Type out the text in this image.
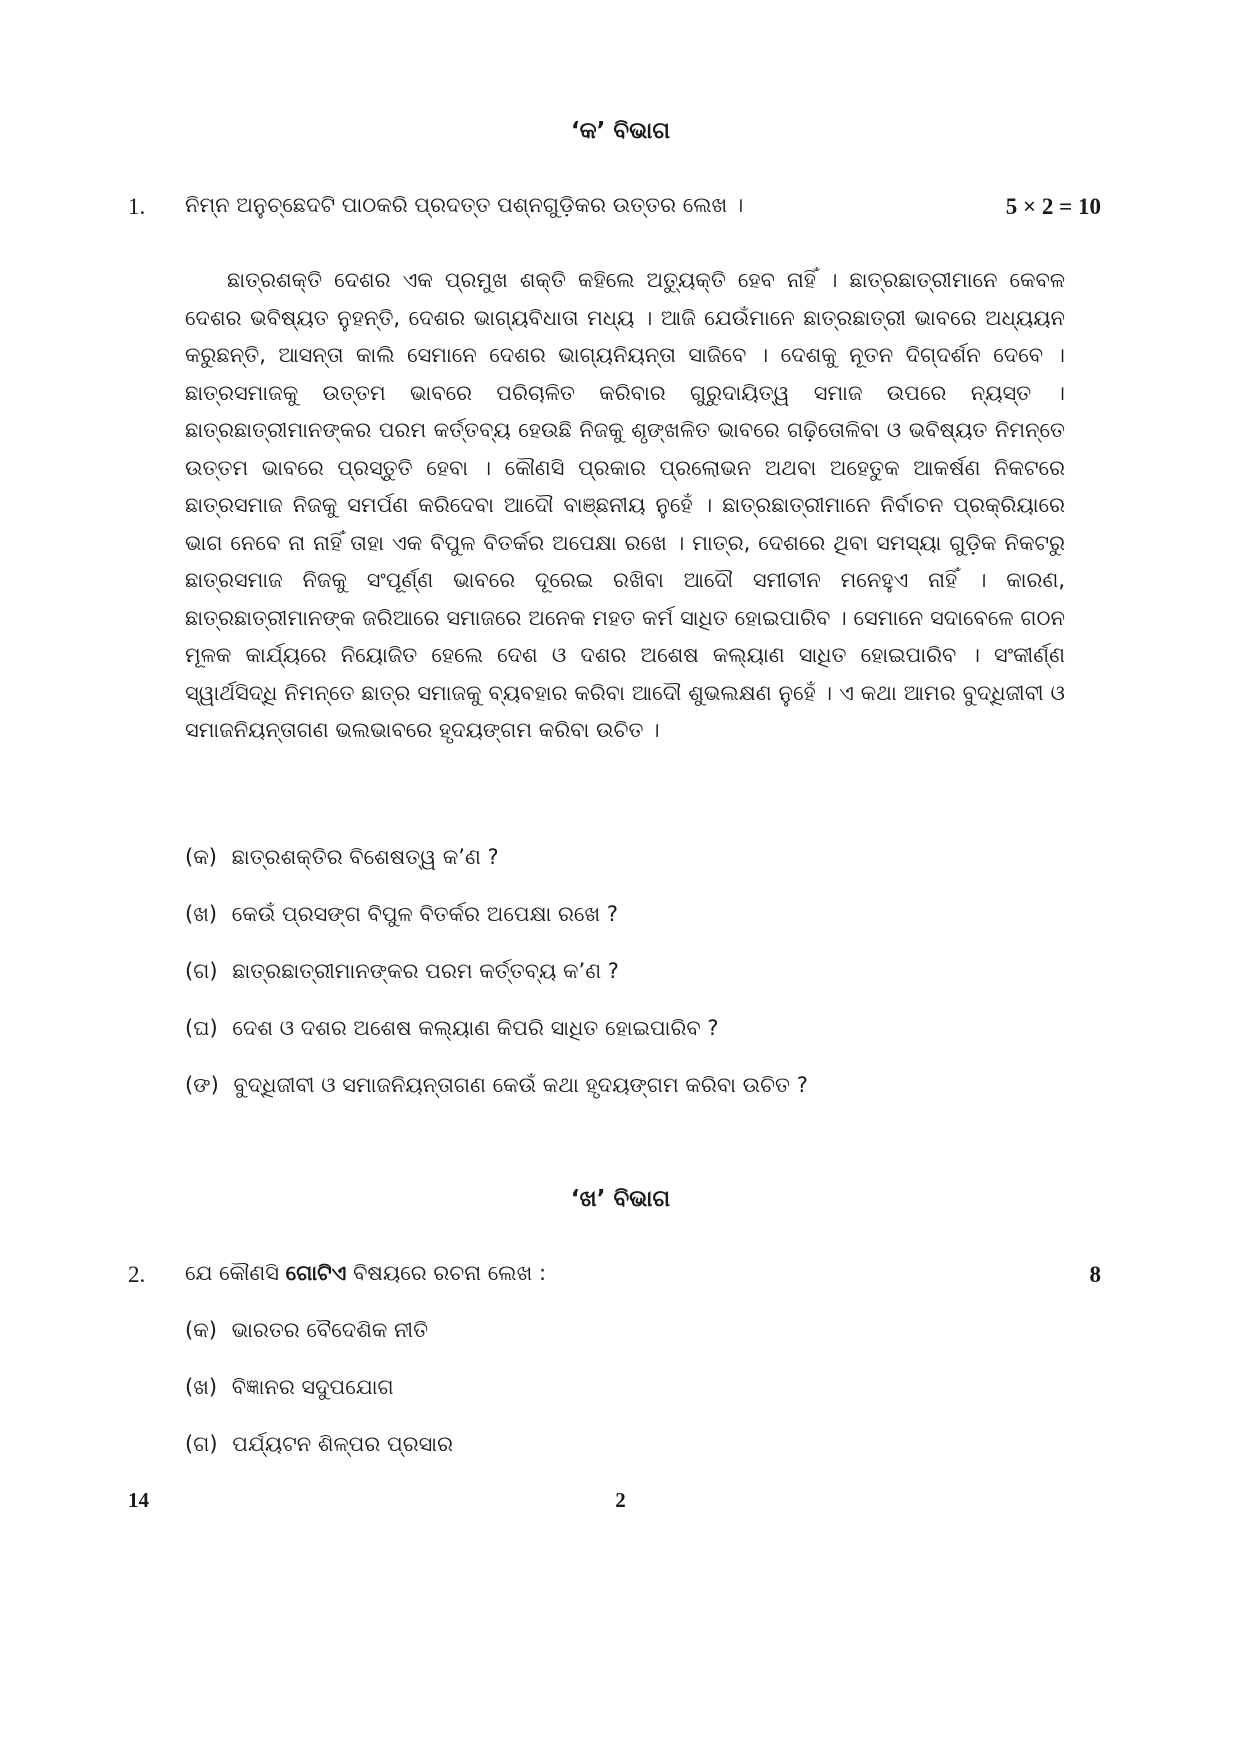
‘କ’ ବିଭାଗ
1. ନିମ୍ନ ଅନୁଚ୍ଛେଦଟି ପାଠକରି ପ୍ରଦତ୍ତ ପଶ୍ନଗୁଡ଼ିକର ଉତ୍ତର ଲେଖ ।	5 × 2 = 10

ଛାତ୍ରଶକ୍ତି ଦେଶର ଏକ ପ୍ରମୁଖ ଶକ୍ତି କହିଲେ ଅତ୍ୟୁକ୍ତି ହେବ ନାହିଁ । ଛାତ୍ରଛାତ୍ରୀମାନେ କେବଳ ଦେଶର ଭବିଷ୍ୟତ ନୁହନ୍ତି, ଦେଶର ଭାଗ୍ୟବିଧାତା ମଧ୍ୟ । ଆଜି ଯେଉଁମାନେ ଛାତ୍ରଛାତ୍ରୀ ଭାବରେ ଅଧ୍ୟୟନ କରୁଛନ୍ତି, ଆସନ୍ତା କାଲି ସେମାନେ ଦେଶର ଭାଗ୍ୟନିୟନ୍ତା ସାଜିବେ । ଦେଶକୁ ନୂତନ ଦିଗ୍‌ଦର୍ଶନ ଦେବେ । ଛାତ୍ରସମାଜକୁ ଉତ୍ତମ ଭାବରେ ପରିଚାଳିତ କରିବାର ଗୁରୁଦାୟିତ୍ୱ ସମାଜ ଉପରେ ନ୍ୟସ୍ତ । ଛାତ୍ରଛାତ୍ରୀମାନଙ୍କର ପରମ କର୍ତ୍ତବ୍ୟ ହେଉଛି ନିଜକୁ ଶୃଙ୍ଖଳିତ ଭାବରେ ଗଢ଼ିତୋଳିବା ଓ ଭବିଷ୍ୟତ ନିମନ୍ତେ ଉତ୍ତମ ଭାବରେ ପ୍ରସ୍ତୁତି ହେବା । କୌଣସି ପ୍ରକାର ପ୍ରଲୋଭନ ଅଥବା ଅହେତୁକ ଆକର୍ଷଣ ନିକଟରେ ଛାତ୍ରସମାଜ ନିଜକୁ ସମର୍ପଣ କରିଦେବା ଆଦୌ ବାଞ୍ଛନୀୟ ନୁହେଁ । ଛାତ୍ରଛାତ୍ରୀମାନେ ନିର୍ବାଚନ ପ୍ରକ୍ରିୟାରେ ଭାଗ ନେବେ ନା ନାହିଁ ତାହା ଏକ ବିପୁଳ ବିତର୍କର ଅପେକ୍ଷା ରଖେ । ମାତ୍ର, ଦେଶରେ ଥିବା ସମସ୍ୟା ଗୁଡ଼ିକ ନିକଟରୁ ଛାତ୍ରସମାଜ ନିଜକୁ ସଂପୂର୍ଣ୍ଣ ଭାବରେ ଦୂରେଇ ରଖିବା ଆଦୌ ସମୀଚୀନ ମନେହୁଏ ନାହିଁ । କାରଣ, ଛାତ୍ରଛାତ୍ରୀମାନଙ୍କ ଜରିଆରେ ସମାଜରେ ଅନେକ ମହତ କର୍ମ ସାଧିତ ହୋଇପାରିବ । ସେମାନେ ସଦାବେଳେ ଗଠନ ମୂଳକ କାର୍ଯ୍ୟରେ ନିୟୋଜିତ ହେଲେ ଦେଶ ଓ ଦଶର ଅଶେଷ କଲ୍ୟାଣ ସାଧିତ ହୋଇପାରିବ । ସଂକୀର୍ଣ୍ଣ ସ୍ୱାର୍ଥସିଦ୍ଧି ନିମନ୍ତେ ଛାତ୍ର ସମାଜକୁ ବ୍ୟବହାର କରିବା ଆଦୌ ଶୁଭଲକ୍ଷଣ ନୁହେଁ । ଏ କଥା ଆମର ବୁଦ୍ଧିଜୀବୀ ଓ ସମାଜନିୟନ୍ତାଗଣ ଭଲଭାବରେ ହୃଦୟଙ୍ଗମ କରିବା ଉଚିତ ।

(କ) ଛାତ୍ରଶକ୍ତିର ବିଶେଷତ୍ୱ କ’ଣ ?
(ଖ) କେଉଁ ପ୍ରସଙ୍ଗ ବିପୁଳ ବିତର୍କର ଅପେକ୍ଷା ରଖେ ?
(ଗ) ଛାତ୍ରଛାତ୍ରୀମାନଙ୍କର ପରମ କର୍ତ୍ତବ୍ୟ କ’ଣ ?
(ଘ) ଦେଶ ଓ ଦଶର ଅଶେଷ କଲ୍ୟାଣ କିପରି ସାଧିତ ହୋଇପାରିବ ?
(ଙ) ବୁଦ୍ଧିଜୀବୀ ଓ ସମାଜନିୟନ୍ତାଗଣ କେଉଁ କଥା ହୃଦୟଙ୍ଗମ କରିବା ଉଚିତ ?
‘ଖ’ ବିଭାଗ
2. ଯେ କୌଣସି ଗୋଟିଏ ବିଷୟରେ ରଚନା ଲେଖ :	8
(କ) ଭାରତର ବୈଦେଶିକ ନୀତି
(ଖ) ବିଜ୍ଞାନର ସଦୁପଯୋଗ
(ଗ) ପର୍ଯ୍ୟଟନ ଶିଳ୍ପର ପ୍ରସାର
14	2
